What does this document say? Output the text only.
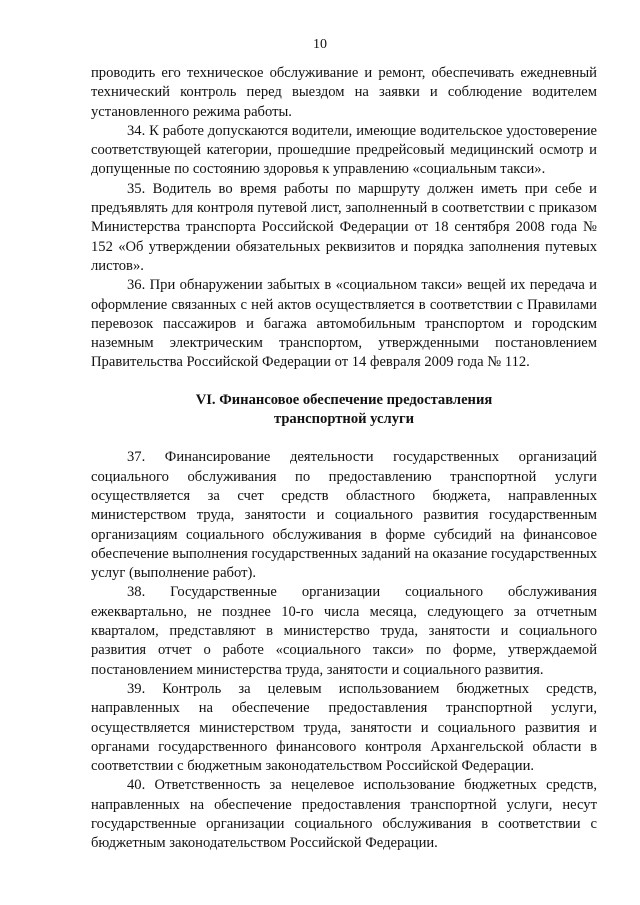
10

проводить его техническое обслуживание и ремонт, обеспечивать ежедневный технический контроль перед выездом на заявки и соблюдение водителем установленного режима работы.

34. К работе допускаются водители, имеющие водительское удостоверение соответствующей категории, прошедшие предрейсовый медицинский осмотр и допущенные по состоянию здоровья к управлению «социальным такси».

35. Водитель во время работы по маршруту должен иметь при себе и предъявлять для контроля путевой лист, заполненный в соответствии с приказом Министерства транспорта Российской Федерации от 18 сентября 2008 года № 152 «Об утверждении обязательных реквизитов и порядка заполнения путевых листов».

36. При обнаружении забытых в «социальном такси» вещей их передача и оформление связанных с ней актов осуществляется в соответствии с Правилами перевозок пассажиров и багажа автомобильным транспортом и городским наземным электрическим транспортом, утвержденными постановлением Правительства Российской Федерации от 14 февраля 2009 года № 112.

VI. Финансовое обеспечение предоставления
транспортной услуги

37. Финансирование деятельности государственных организаций социального обслуживания по предоставлению транспортной услуги осуществляется за счет средств областного бюджета, направленных министерством труда, занятости и социального развития государственным организациям социального обслуживания в форме субсидий на финансовое обеспечение выполнения государственных заданий на оказание государственных услуг (выполнение работ).

38. Государственные организации социального обслуживания ежеквартально, не позднее 10-го числа месяца, следующего за отчетным кварталом, представляют в министерство труда, занятости и социального развития отчет о работе «социального такси» по форме, утверждаемой постановлением министерства труда, занятости и социального развития.

39. Контроль за целевым использованием бюджетных средств, направленных на обеспечение предоставления транспортной услуги, осуществляется министерством труда, занятости и социального развития и органами государственного финансового контроля Архангельской области в соответствии с бюджетным законодательством Российской Федерации.

40. Ответственность за нецелевое использование бюджетных средств, направленных на обеспечение предоставления транспортной услуги, несут государственные организации социального обслуживания в соответствии с бюджетным законодательством Российской Федерации.
